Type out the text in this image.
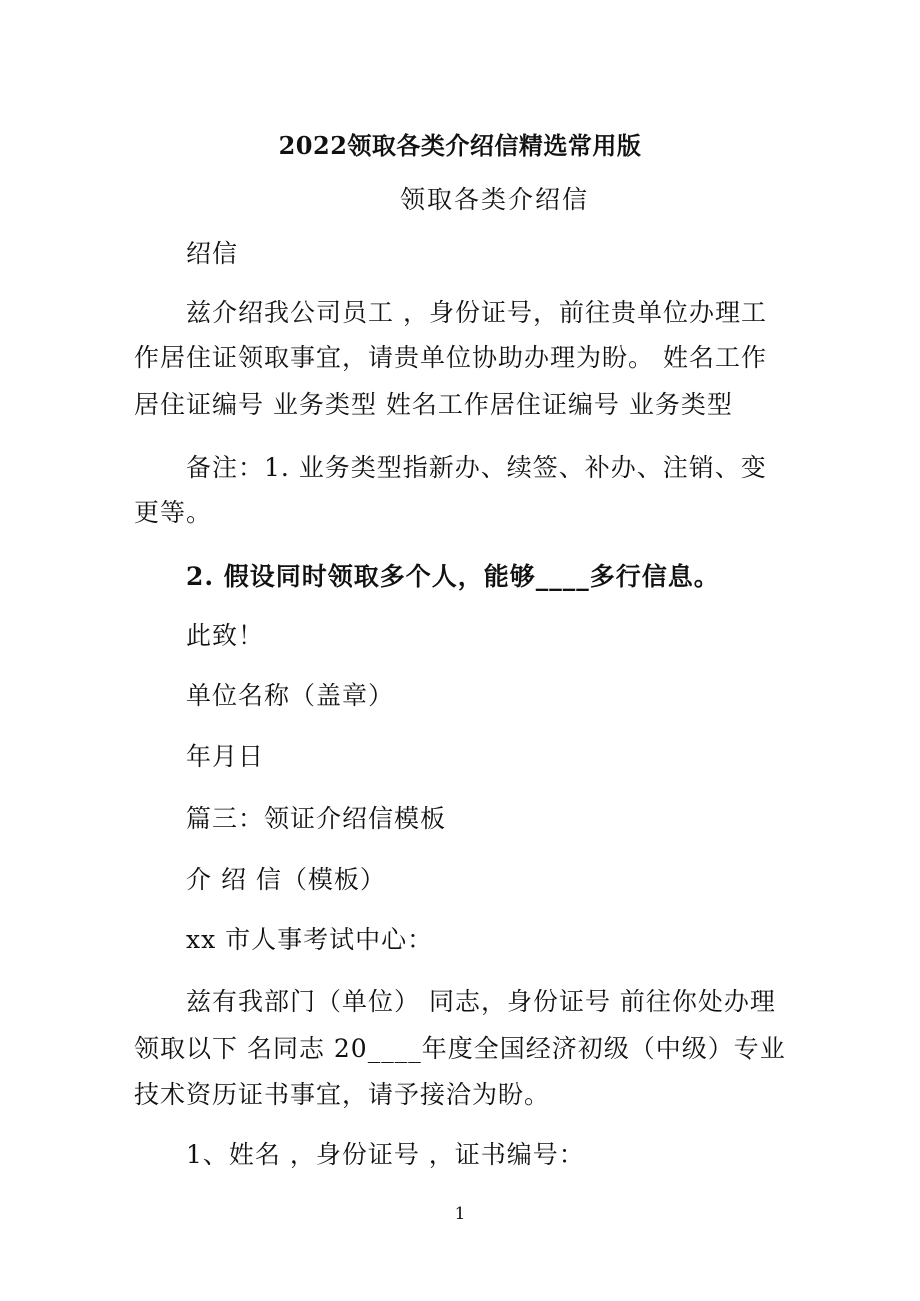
2022领取各类介绍信精选常用版
领取各类介绍信
绍信
兹介绍我公司员工 ，身份证号，前往贵单位办理工
作居住证领取事宜，请贵单位协助办理为盼。 姓名工作
居住证编号 业务类型 姓名工作居住证编号 业务类型
备注：1. 业务类型指新办、续签、补办、注销、变
更等。
2. 假设同时领取多个人，能够____多行信息。
此致！
单位名称（盖章）
年月日
篇三：领证介绍信模板
介 绍 信（模板）
xx 市人事考试中心：
兹有我部门（单位） 同志，身份证号 前往你处办理
领取以下 名同志 20____年度全国经济初级（中级）专业
技术资历证书事宜，请予接洽为盼。
1、姓名 ，身份证号 ，证书编号：
1
